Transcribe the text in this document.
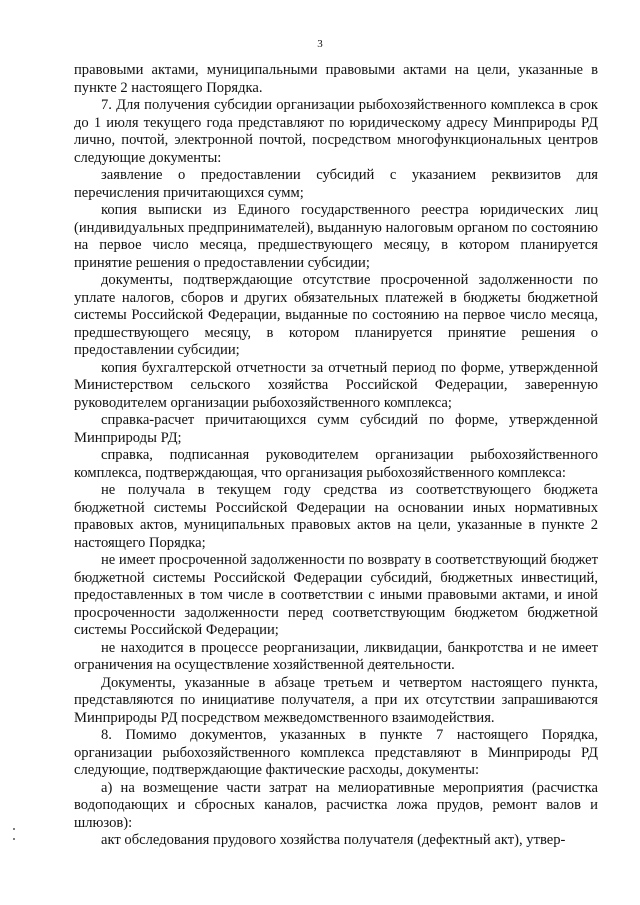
3

правовыми актами, муниципальными правовыми актами на цели, указанные в пункте 2 настоящего Порядка.

7. Для получения субсидии организации рыбохозяйственного комплекса в срок до 1 июля текущего года представляют по юридическому адресу Минприроды РД лично, почтой, электронной почтой, посредством многофункциональных центров следующие документы:

заявление о предоставлении субсидий с указанием реквизитов для перечисления причитающихся сумм;

копия выписки из Единого государственного реестра юридических лиц (индивидуальных предпринимателей), выданную налоговым органом по состоянию на первое число месяца, предшествующего месяцу, в котором планируется принятие решения о предоставлении субсидии;

документы, подтверждающие отсутствие просроченной задолженности по уплате налогов, сборов и других обязательных платежей в бюджеты бюджетной системы Российской Федерации, выданные по состоянию на первое число месяца, предшествующего месяцу, в котором планируется принятие решения о предоставлении субсидии;

копия бухгалтерской отчетности за отчетный период по форме, утвержденной Министерством сельского хозяйства Российской Федерации, заверенную руководителем организации рыбохозяйственного комплекса;

справка-расчет причитающихся сумм субсидий по форме, утвержденной Минприроды РД;

справка, подписанная руководителем организации рыбохозяйственного комплекса, подтверждающая, что организация рыбохозяйственного комплекса:

не получала в текущем году средства из соответствующего бюджета бюджетной системы Российской Федерации на основании иных нормативных правовых актов, муниципальных правовых актов на цели, указанные в пункте 2 настоящего Порядка;

не имеет просроченной задолженности по возврату в соответствующий бюджет бюджетной системы Российской Федерации субсидий, бюджетных инвестиций, предоставленных в том числе в соответствии с иными правовыми актами, и иной просроченности задолженности перед соответствующим бюджетом бюджетной системы Российской Федерации;

не находится в процессе реорганизации, ликвидации, банкротства и не имеет ограничения на осуществление хозяйственной деятельности.

Документы, указанные в абзаце третьем и четвертом настоящего пункта, представляются по инициативе получателя, а при их отсутствии запрашиваются Минприроды РД посредством межведомственного взаимодействия.

8. Помимо документов, указанных в пункте 7 настоящего Порядка, организации рыбохозяйственного комплекса представляют в Минприроды РД следующие, подтверждающие фактические расходы, документы:

а) на возмещение части затрат на мелиоративные мероприятия (расчистка водоподающих и сбросных каналов, расчистка ложа прудов, ремонт валов и шлюзов):

акт обследования прудового хозяйства получателя (дефектный акт), утвер-
